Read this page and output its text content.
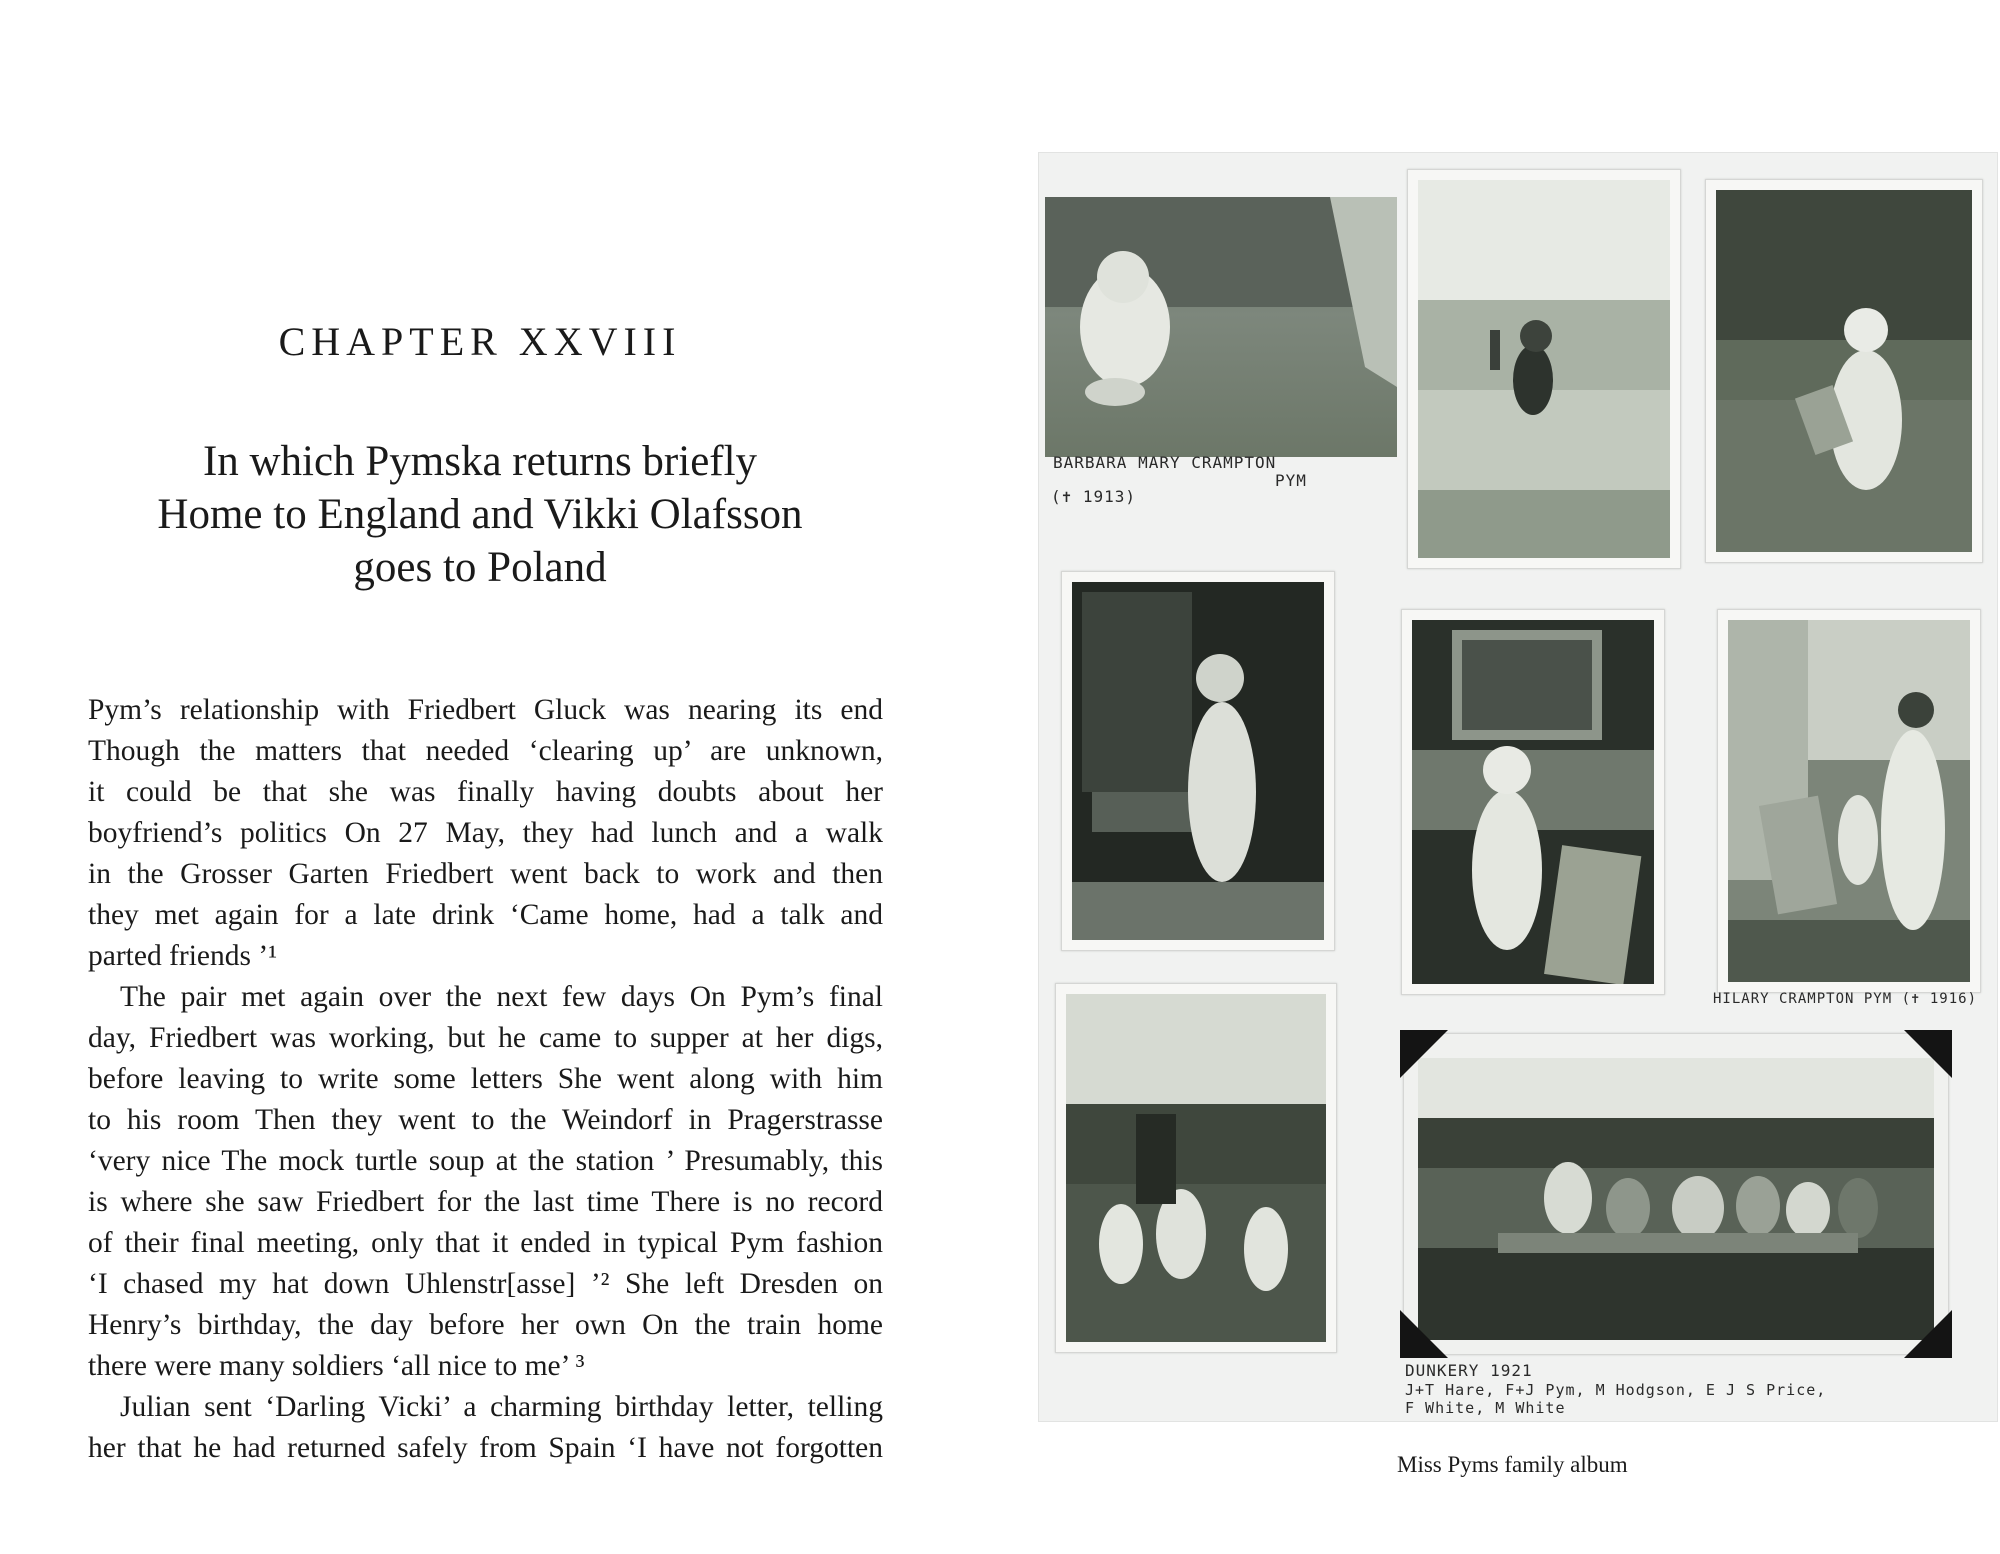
CHAPTER XXVIII
In which Pymska returns briefly
Home to England and Vikki Olafsson
goes to Poland
Pym’s relationship with Friedbert Gluck was nearing its end
Though the matters that needed ‘clearing up’ are unknown,
it could be that she was finally having doubts about her
boyfriend’s politics On 27 May, they had lunch and a walk
in the Grosser Garten Friedbert went back to work and then
they met again for a late drink ‘Came home, had a talk and
parted friends ’¹
The pair met again over the next few days On Pym’s final
day, Friedbert was working, but he came to supper at her digs,
before leaving to write some letters She went along with him
to his room Then they went to the Weindorf in Pragerstrasse
‘very nice The mock turtle soup at the station ’ Presumably, this
is where she saw Friedbert for the last time There is no record
of their final meeting, only that it ended in typical Pym fashion
‘I chased my hat down Uhlenstr[asse] ’² She left Dresden on
Henry’s birthday, the day before her own On the train home
there were many soldiers ‘all nice to me’ ³
Julian sent ‘Darling Vicki’ a charming birthday letter, telling
her that he had returned safely from Spain ‘I have not forgotten
BARBARA MARY CRAMPTON
PYM
(✝ 1913)
HILARY CRAMPTON PYM (✝ 1916)
DUNKERY 1921
J+T Hare, F+J Pym, M Hodgson, E J S Price,
F White, M White
Miss Pyms family album
